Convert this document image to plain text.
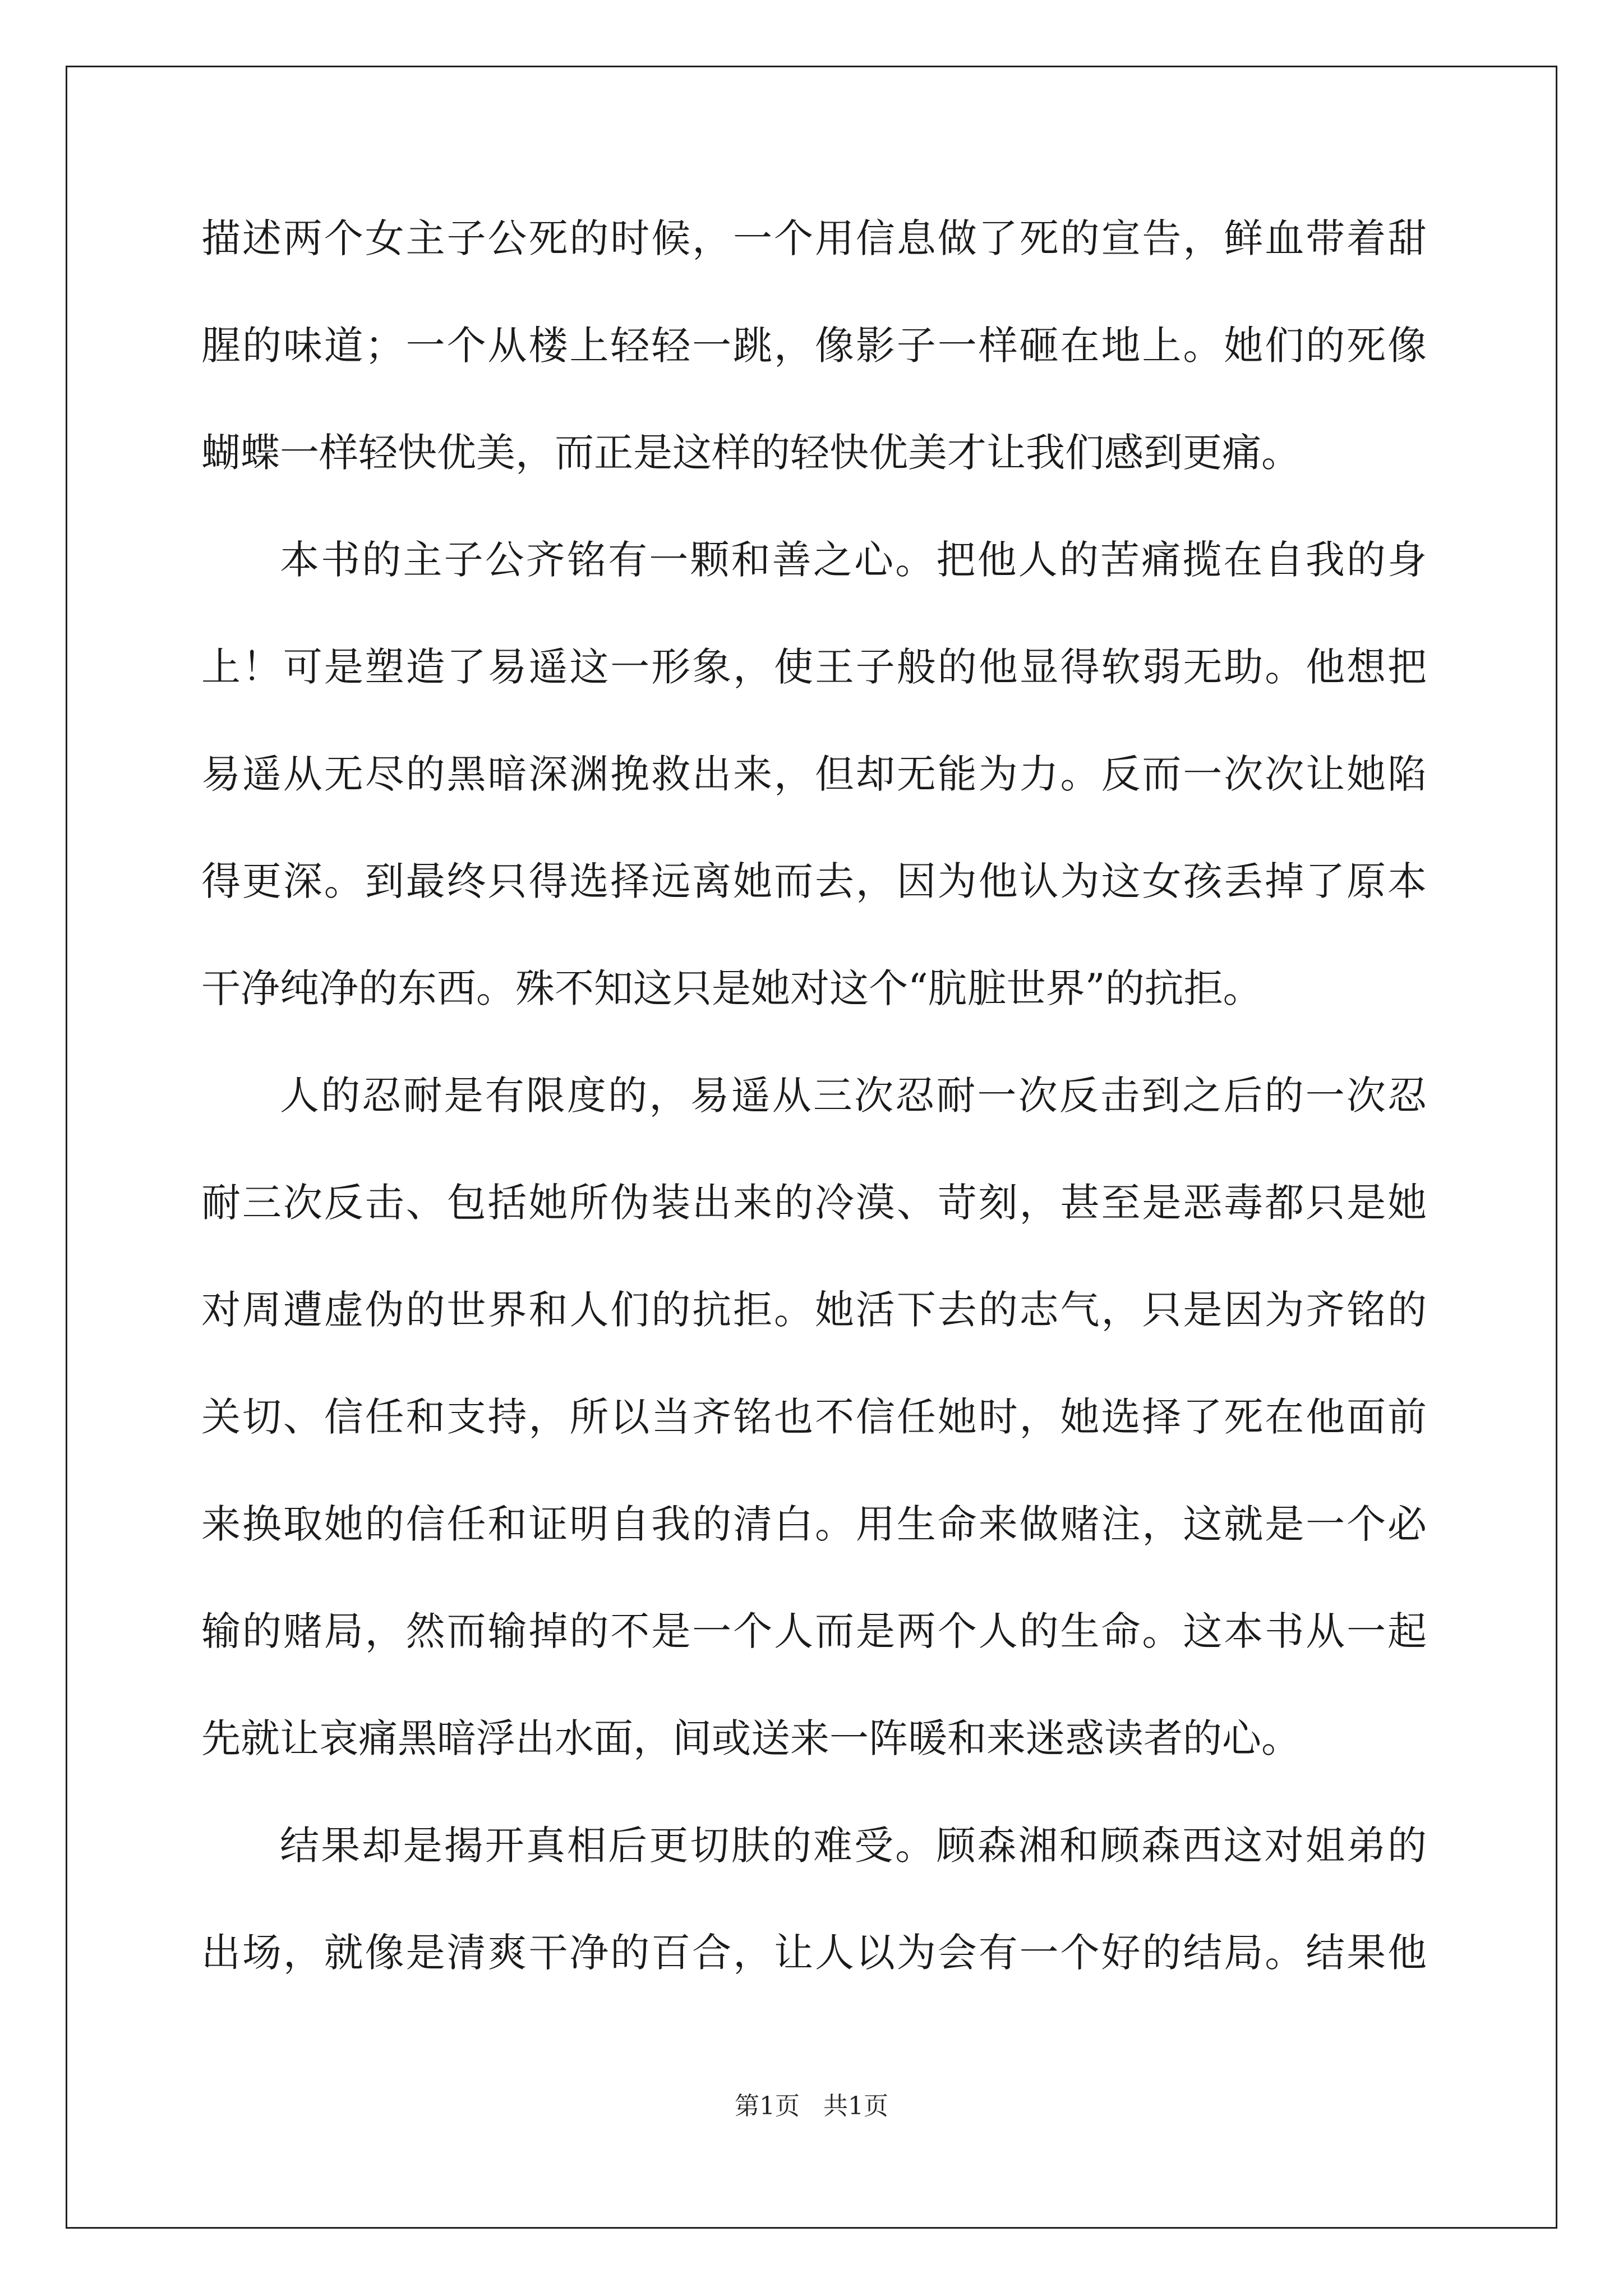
描述两个女主子公死的时候，一个用信息做了死的宣告，鲜血带着甜
腥的味道；一个从楼上轻轻一跳，像影子一样砸在地上。她们的死像
蝴蝶一样轻快优美，而正是这样的轻快优美才让我们感到更痛。
本书的主子公齐铭有一颗和善之心。把他人的苦痛揽在自我的身
上！可是塑造了易遥这一形象，使王子般的他显得软弱无助。他想把
易遥从无尽的黑暗深渊挽救出来，但却无能为力。反而一次次让她陷
得更深。到最终只得选择远离她而去，因为他认为这女孩丢掉了原本
干净纯净的东西。殊不知这只是她对这个“肮脏世界”的抗拒。
人的忍耐是有限度的，易遥从三次忍耐一次反击到之后的一次忍
耐三次反击、包括她所伪装出来的冷漠、苛刻，甚至是恶毒都只是她
对周遭虚伪的世界和人们的抗拒。她活下去的志气，只是因为齐铭的
关切、信任和支持，所以当齐铭也不信任她时，她选择了死在他面前
来换取她的信任和证明自我的清白。用生命来做赌注，这就是一个必
输的赌局，然而输掉的不是一个人而是两个人的生命。这本书从一起
先就让哀痛黑暗浮出水面，间或送来一阵暖和来迷惑读者的心。
结果却是揭开真相后更切肤的难受。顾森湘和顾森西这对姐弟的
出场，就像是清爽干净的百合，让人以为会有一个好的结局。结果他
第1页   共1页
